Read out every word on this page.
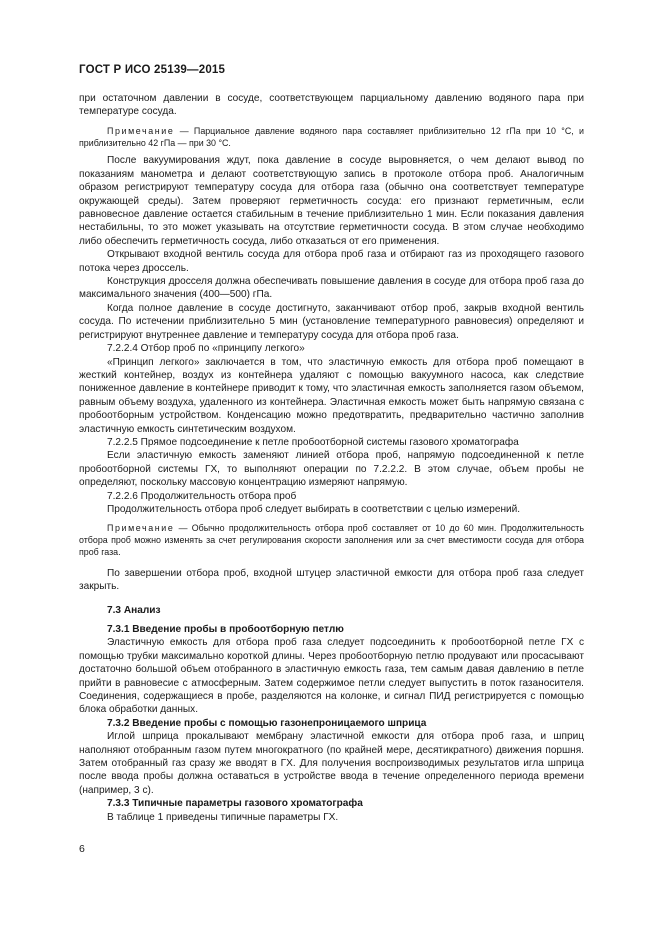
ГОСТ Р ИСО 25139—2015

при остаточном давлении в сосуде, соответствующем парциальному давлению водяного пара при температуре сосуда.

Примечание — Парциальное давление водяного пара составляет приблизительно 12 гПа при 10 °С, и приблизительно 42 гПа — при 30 °С.

После вакуумирования ждут, пока давление в сосуде выровняется, о чем делают вывод по показаниям манометра и делают соответствующую запись в протоколе отбора проб. Аналогичным образом регистрируют температуру сосуда для отбора газа (обычно она соответствует температуре окружающей среды). Затем проверяют герметичность сосуда: его признают герметичным, если равновесное давление остается стабильным в течение приблизительно 1 мин. Если показания давления нестабильны, то это может указывать на отсутствие герметичности сосуда. В этом случае необходимо либо обеспечить герметичность сосуда, либо отказаться от его применения.

Открывают входной вентиль сосуда для отбора проб газа и отбирают газ из проходящего газового потока через дроссель.

Конструкция дросселя должна обеспечивать повышение давления в сосуде для отбора проб газа до максимального значения (400—500) гПа.

Когда полное давление в сосуде достигнуто, заканчивают отбор проб, закрыв входной вентиль сосуда. По истечении приблизительно 5 мин (установление температурного равновесия) определяют и регистрируют внутреннее давление и температуру сосуда для отбора проб газа.

7.2.2.4 Отбор проб по «принципу легкого»

«Принцип легкого» заключается в том, что эластичную емкость для отбора проб помещают в жесткий контейнер, воздух из контейнера удаляют с помощью вакуумного насоса, как следствие пониженное давление в контейнере приводит к тому, что эластичная емкость заполняется газом объемом, равным объему воздуха, удаленного из контейнера. Эластичная емкость может быть напрямую связана с пробоотборным устройством. Конденсацию можно предотвратить, предварительно частично заполнив эластичную емкость синтетическим воздухом.

7.2.2.5 Прямое подсоединение к петле пробоотборной системы газового хроматографа

Если эластичную емкость заменяют линией отбора проб, напрямую подсоединенной к петле пробоотборной системы ГХ, то выполняют операции по 7.2.2.2. В этом случае, объем пробы не определяют, поскольку массовую концентрацию измеряют напрямую.

7.2.2.6 Продолжительность отбора проб

Продолжительность отбора проб следует выбирать в соответствии с целью измерений.

Примечание — Обычно продолжительность отбора проб составляет от 10 до 60 мин. Продолжительность отбора проб можно изменять за счет регулирования скорости заполнения или за счет вместимости сосуда для отбора проб газа.

По завершении отбора проб, входной штуцер эластичной емкости для отбора проб газа следует закрыть.

7.3 Анализ

7.3.1 Введение пробы в пробоотборную петлю

Эластичную емкость для отбора проб газа следует подсоединить к пробоотборной петле ГХ с помощью трубки максимально короткой длины. Через пробоотборную петлю продувают или просасывают достаточно большой объем отобранного в эластичную емкость газа, тем самым давая давлению в петле прийти в равновесие с атмосферным. Затем содержимое петли следует выпустить в поток газаносителя. Соединения, содержащиеся в пробе, разделяются на колонке, и сигнал ПИД регистрируется с помощью блока обработки данных.

7.3.2 Введение пробы с помощью газонепроницаемого шприца

Иглой шприца прокалывают мембрану эластичной емкости для отбора проб газа, и шприц наполняют отобранным газом путем многократного (по крайней мере, десятикратного) движения поршня. Затем отобранный газ сразу же вводят в ГХ. Для получения воспроизводимых результатов игла шприца после ввода пробы должна оставаться в устройстве ввода в течение определенного периода времени (например, 3 с).

7.3.3 Типичные параметры газового хроматографа

В таблице 1 приведены типичные параметры ГХ.

6
